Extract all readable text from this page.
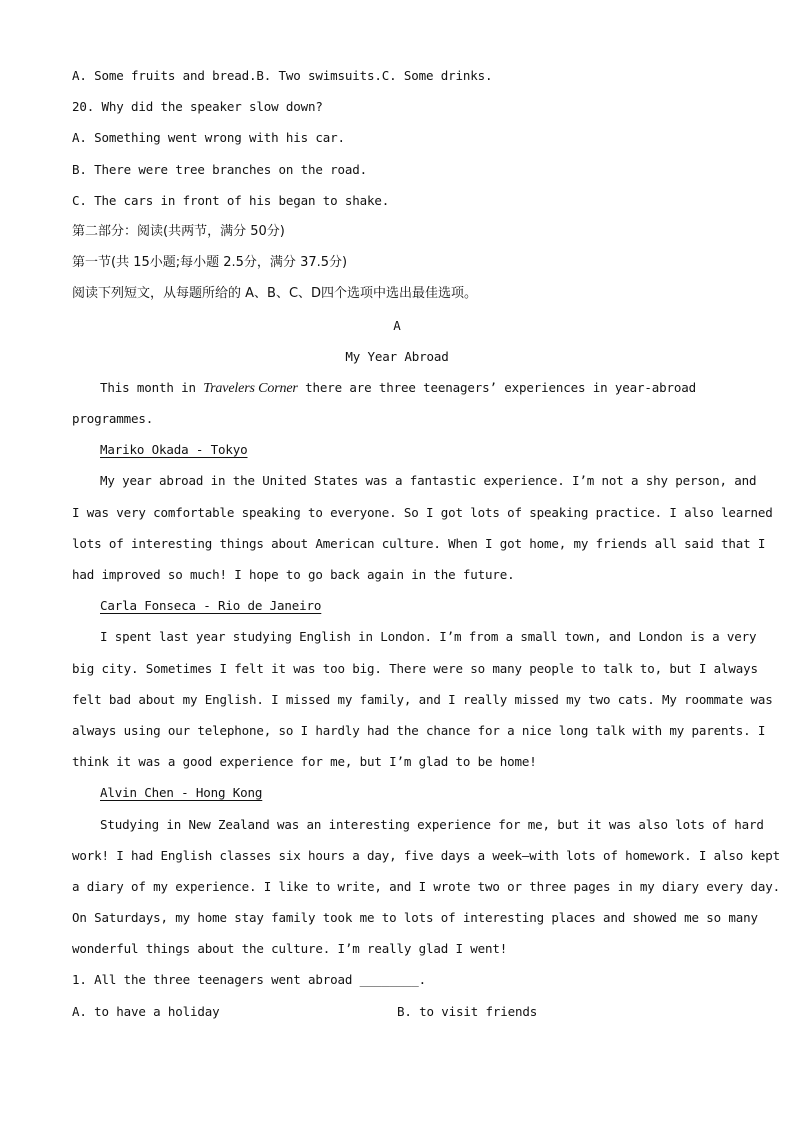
A. Some fruits and bread.B. Two swimsuits.C. Some drinks.
20. Why did the speaker slow down?
A. Something went wrong with his car.
B. There were tree branches on the road.
C. The cars in front of his began to shake.
第二部分：阅读(共两节，满分 50分)
第一节(共 15小题;每小题 2.5分，满分 37.5分)
阅读下列短文，从每题所给的 A、B、C、D四个选项中选出最佳选项。
A
My Year Abroad
This month in Travelers Corner there are three teenagers’ experiences in year-abroad
programmes.
Mariko Okada - Tokyo
My year abroad in the United States was a fantastic experience. I’m not a shy person, and
I was very comfortable speaking to everyone. So I got lots of speaking practice. I also learned
lots of interesting things about American culture. When I got home, my friends all said that I
had improved so much! I hope to go back again in the future.
Carla Fonseca - Rio de Janeiro
I spent last year studying English in London. I’m from a small town, and London is a very
big city. Sometimes I felt it was too big. There were so many people to talk to, but I always
felt bad about my English. I missed my family, and I really missed my two cats. My roommate was
always using our telephone, so I hardly had the chance for a nice long talk with my parents. I
think it was a good experience for me, but I’m glad to be home!
Alvin Chen - Hong Kong
Studying in New Zealand was an interesting experience for me, but it was also lots of hard
work! I had English classes six hours a day, five days a week—with lots of homework. I also kept
a diary of my experience. I like to write, and I wrote two or three pages in my diary every day.
On Saturdays, my home stay family took me to lots of interesting places and showed me so many
wonderful things about the culture. I’m really glad I went!
1. All the three teenagers went abroad ________.
A. to have a holiday	B. to visit friends
